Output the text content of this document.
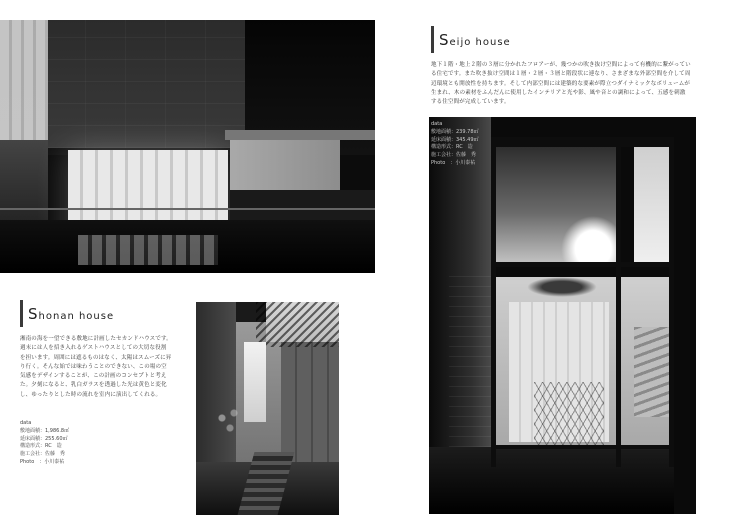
Seijo house
地下１階・地上２階の３層に分かれたフロアーが、幾つかの吹き抜け空間によって有機的に繋がっている住宅です。また吹き抜け空間は１層・２層・３層と階段状に連なり、さまざまな外部空間を介して周辺環境とも開放性を持ちます。そして内部空間には建築的な要素が際立つダイナミックなボリュームが生まれ、木の素材をふんだんに使用したインテリアと光や影、風や音との調和によって、五感を刺激する住空間が完成しています。
data
敷地面積：239.78㎡
延床面積：345.49㎡
構造形式：RC　造
施工会社：佐藤　秀
Photo　：小川泰祐
Shonan house
湘南の海を一望できる敷地に計画したセカンドハウスです。週末には人を招き入れるゲストハウスとしての大切な役割を担います。周囲には遮るものはなく、太陽はスムーズに昇り行く。そんな始では味わうことのできない、この場の空気感をデザインすることが、この計画のコンセプトと考えた。夕刻になると、乳白ガラスを透過した光は黄色と変化し、ゆったりとした時の流れを室内に演出してくれる。
data
敷地面積：1,986.8㎡
延床面積：255.60㎡
構造形式：RC　造
施工会社：佐藤　秀
Photo　：小川泰祐
